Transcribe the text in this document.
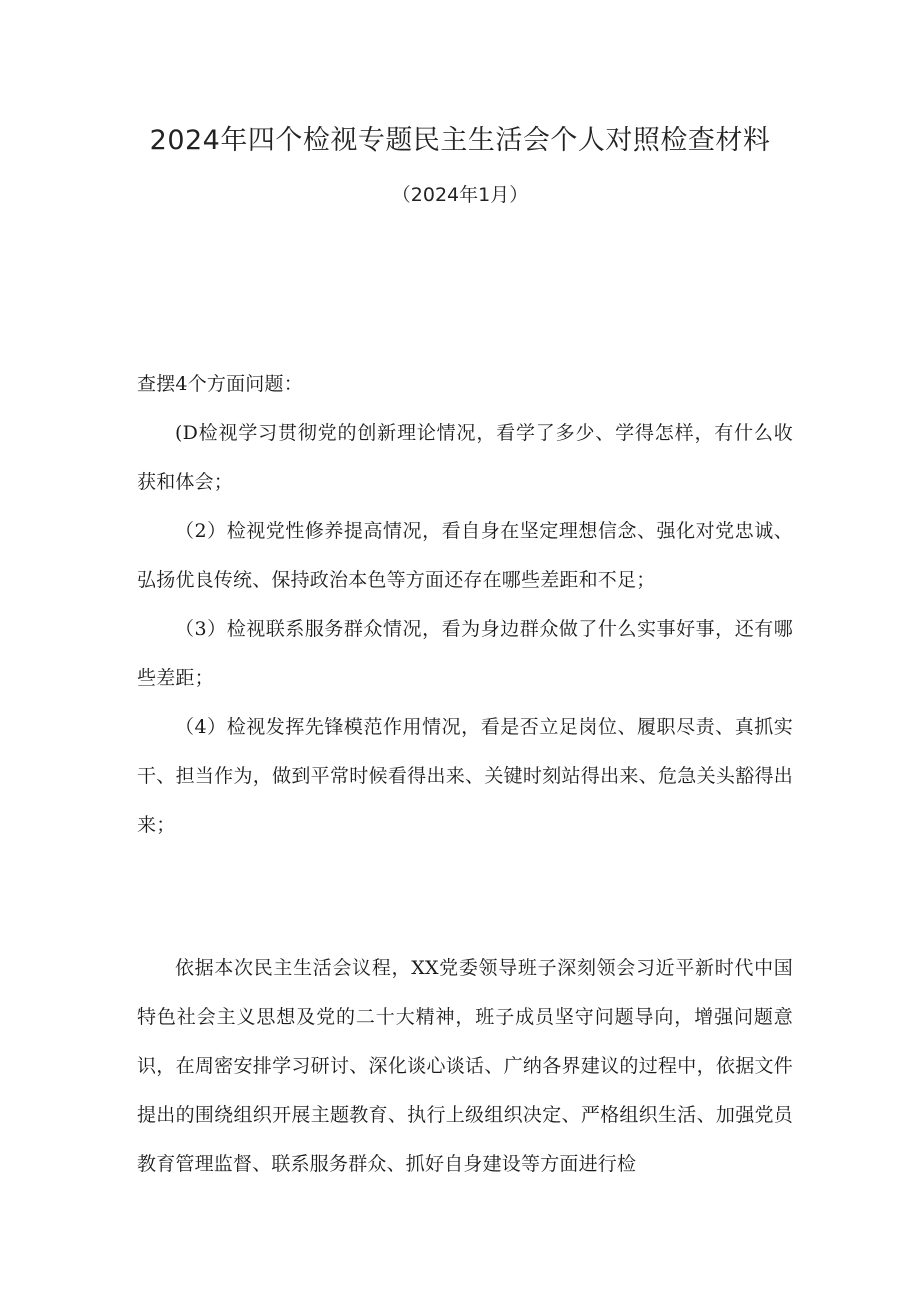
2024年四个检视专题民主生活会个人对照检查材料
（2024年1月）

查摆4个方面问题：

(D检视学习贯彻党的创新理论情况，看学了多少、学得怎样，有什么收获和体会；

（2）检视党性修养提高情况，看自身在坚定理想信念、强化对党忠诚、弘扬优良传统、保持政治本色等方面还存在哪些差距和不足；

（3）检视联系服务群众情况，看为身边群众做了什么实事好事，还有哪些差距；

（4）检视发挥先锋模范作用情况，看是否立足岗位、履职尽责、真抓实干、担当作为，做到平常时候看得出来、关键时刻站得出来、危急关头豁得出来；

依据本次民主生活会议程，XX党委领导班子深刻领会习近平新时代中国特色社会主义思想及党的二十大精神，班子成员坚守问题导向，增强问题意识，在周密安排学习研讨、深化谈心谈话、广纳各界建议的过程中，依据文件提出的围绕组织开展主题教育、执行上级组织决定、严格组织生活、加强党员教育管理监督、联系服务群众、抓好自身建设等方面进行检
